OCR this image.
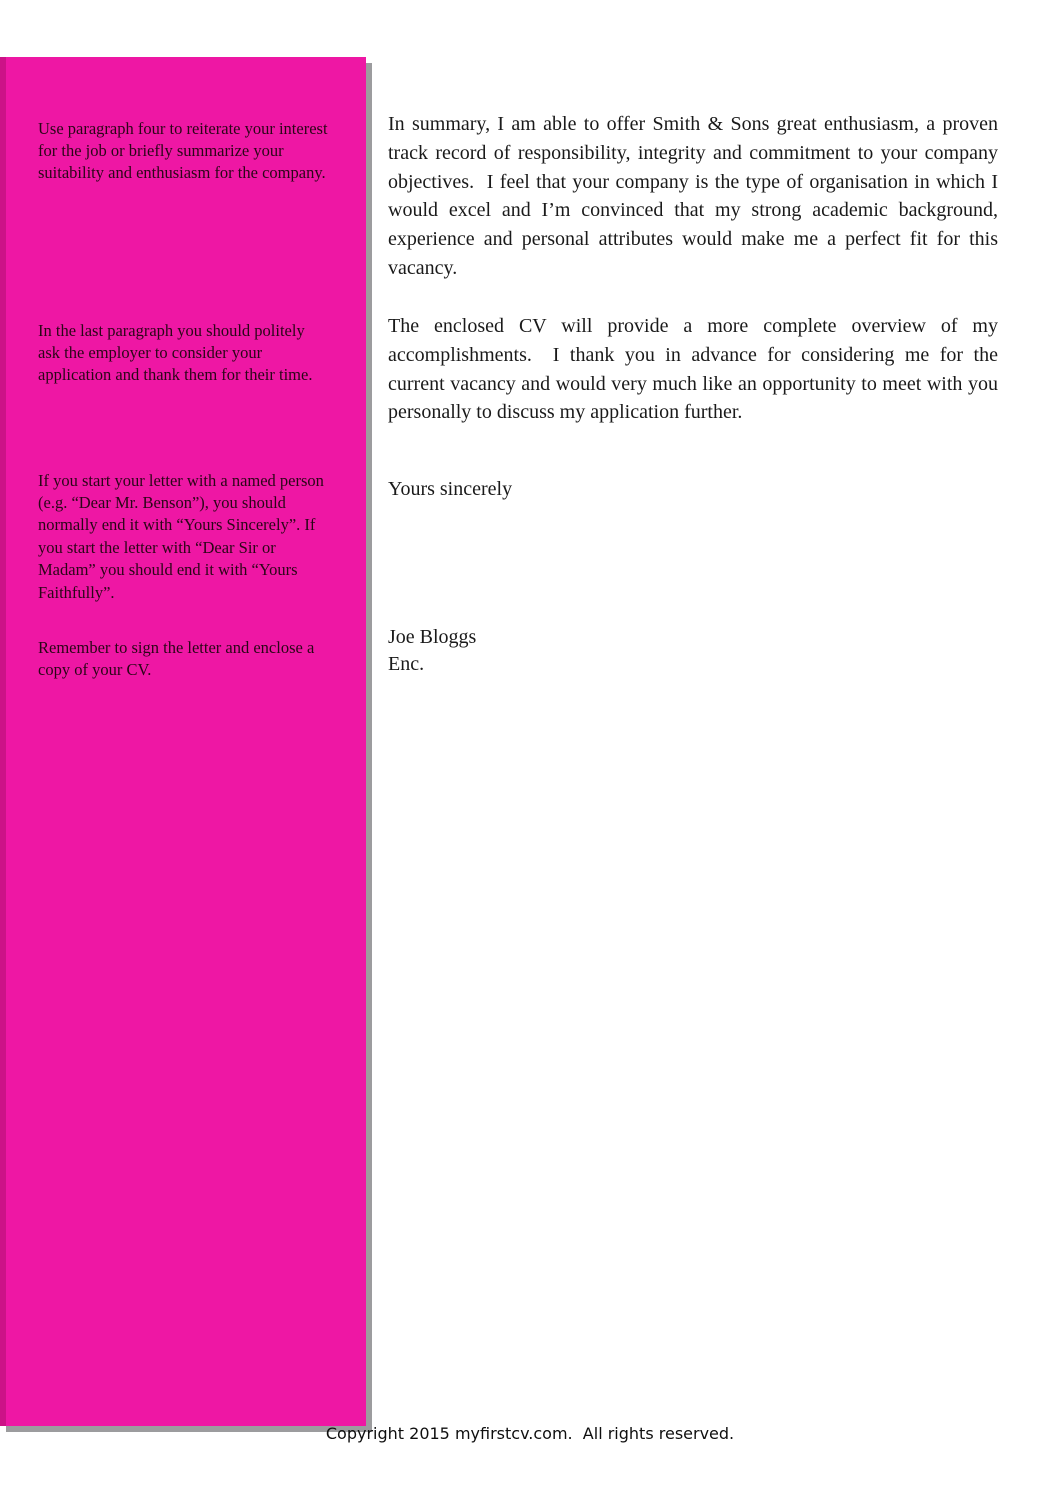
Use paragraph four to reiterate your interest for the job or briefly summarize your suitability and enthusiasm for the company.

In the last paragraph you should politely ask the employer to consider your application and thank them for their time.

If you start your letter with a named person (e.g. “Dear Mr. Benson”), you should normally end it with “Yours Sincerely”. If you start the letter with “Dear Sir or Madam” you should end it with “Yours Faithfully”.

Remember to sign the letter and enclose a copy of your CV.

In summary, I am able to offer Smith & Sons great enthusiasm, a proven track record of responsibility, integrity and commitment to your company objectives.  I feel that your company is the type of organisation in which I would excel and I’m convinced that my strong academic background, experience and personal attributes would make me a perfect fit for this vacancy.

The enclosed CV will provide a more complete overview of my accomplishments.  I thank you in advance for considering me for the current vacancy and would very much like an opportunity to meet with you personally to discuss my application further.

Yours sincerely

Joe Bloggs
Enc.
Copyright 2015 myfirstcv.com.  All rights reserved.
